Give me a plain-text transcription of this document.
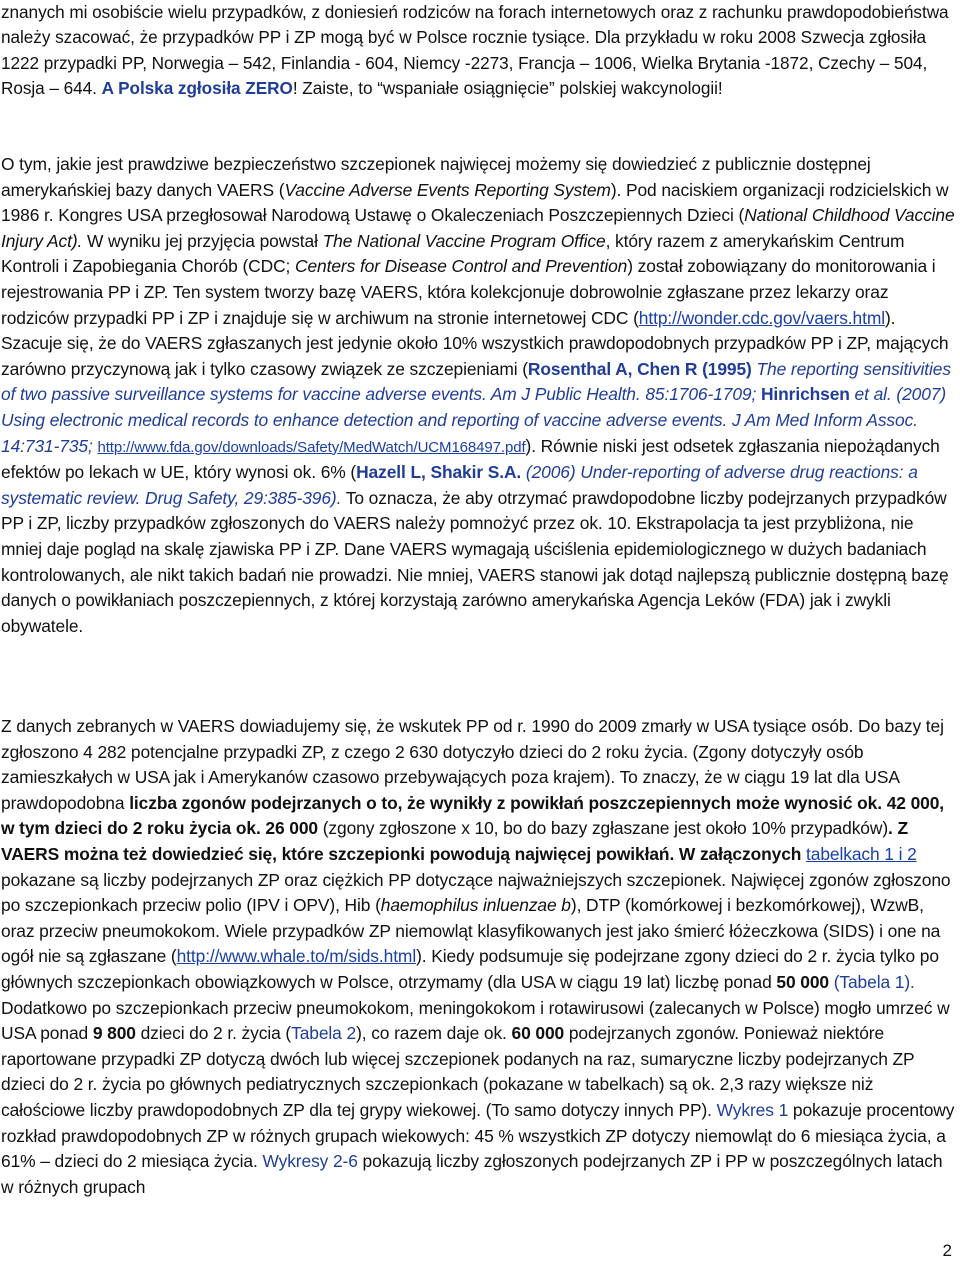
znanych mi osobiście wielu przypadków, z doniesień rodziców na forach internetowych oraz z rachunku prawdopodobieństwa należy szacować, że przypadków PP i ZP mogą być w Polsce rocznie tysiące. Dla przykładu w roku 2008 Szwecja zgłosiła 1222 przypadki PP, Norwegia – 542, Finlandia - 604, Niemcy -2273, Francja – 1006, Wielka Brytania -1872, Czechy – 504, Rosja – 644. A Polska zgłosiła ZERO! Zaiste, to “wspaniałe osiągnięcie” polskiej wakcynologii!

O tym, jakie jest prawdziwe bezpieczeństwo szczepionek najwięcej możemy się dowiedzieć z publicznie dostępnej amerykańskiej bazy danych VAERS (Vaccine Adverse Events Reporting System). Pod naciskiem organizacji rodzicielskich w 1986 r. Kongres USA przegłosował Narodową Ustawę o Okaleczeniach Poszczepiennych Dzieci (National Childhood Vaccine Injury Act). W wyniku jej przyjęcia powstał The National Vaccine Program Office, który razem z amerykańskim Centrum Kontroli i Zapobiegania Chorób (CDC; Centers for Disease Control and Prevention) został zobowiązany do monitorowania i rejestrowania PP i ZP. Ten system tworzy bazę VAERS, która kolekcjonuje dobrowolnie zgłaszane przez lekarzy oraz rodziców przypadki PP i ZP i znajduje się w archiwum na stronie internetowej CDC (http://wonder.cdc.gov/vaers.html). Szacuje się, że do VAERS zgłaszanych jest jedynie około 10% wszystkich prawdopodobnych przypadków PP i ZP, mających zarówno przyczynową jak i tylko czasowy związek ze szczepieniami (Rosenthal A, Chen R (1995) The reporting sensitivities of two passive surveillance systems for vaccine adverse events. Am J Public Health. 85:1706-1709; Hinrichsen et al. (2007) Using electronic medical records to enhance detection and reporting of vaccine adverse events. J Am Med Inform Assoc. 14:731-735; http://www.fda.gov/downloads/Safety/MedWatch/UCM168497.pdf). Równie niski jest odsetek zgłaszania niepożądanych efektów po lekach w UE, który wynosi ok. 6% (Hazell L, Shakir S.A. (2006) Under-reporting of adverse drug reactions: a systematic review. Drug Safety, 29:385-396). To oznacza, że aby otrzymać prawdopodobne liczby podejrzanych przypadków PP i ZP, liczby przypadków zgłoszonych do VAERS należy pomnożyć przez ok. 10. Ekstrapolacja ta jest przybliżona, nie mniej daje pogląd na skalę zjawiska PP i ZP. Dane VAERS wymagają uściślenia epidemiologicznego w dużych badaniach kontrolowanych, ale nikt takich badań nie prowadzi. Nie mniej, VAERS stanowi jak dotąd najlepszą publicznie dostępną bazę danych o powikłaniach poszczepiennych, z której korzystają zarówno amerykańska Agencja Leków (FDA) jak i zwykli obywatele.

Z danych zebranych w VAERS dowiadujemy się, że wskutek PP od r. 1990 do 2009 zmarły w USA tysiące osób. Do bazy tej zgłoszono 4 282 potencjalne przypadki ZP, z czego 2 630 dotyczyło dzieci do 2 roku życia. (Zgony dotyczyły osób zamieszkałych w USA jak i Amerykanów czasowo przebywających poza krajem). To znaczy, że w ciągu 19 lat dla USA prawdopodobna liczba zgonów podejrzanych o to, że wynikły z powikłań poszczepiennych może wynosić ok. 42 000, w tym dzieci do 2 roku życia ok. 26 000 (zgony zgłoszone x 10, bo do bazy zgłaszane jest około 10% przypadków). Z VAERS można też dowiedzieć się, które szczepionki powodują najwięcej powikłań. W załączonych tabelkach 1 i 2 pokazane są liczby podejrzanych ZP oraz ciężkich PP dotyczące najważniejszych szczepionek. Najwięcej zgonów zgłoszono po szczepionkach przeciw polio (IPV i OPV), Hib (haemophilus inluenzae b), DTP (komórkowej i bezkomórkowej), WzwB, oraz przeciw pneumokokom. Wiele przypadków ZP niemowląt klasyfikowanych jest jako śmierć łóżeczkowa (SIDS) i one na ogół nie są zgłaszane (http://www.whale.to/m/sids.html). Kiedy podsumuje się podejrzane zgony dzieci do 2 r. życia tylko po głównych szczepionkach obowiązkowych w Polsce, otrzymamy (dla USA w ciągu 19 lat) liczbę ponad 50 000 (Tabela 1). Dodatkowo po szczepionkach przeciw pneumokokom, meningokokom i rotawirusowi (zalecanych w Polsce) mogło umrzeć w USA ponad 9 800 dzieci do 2 r. życia (Tabela 2), co razem daje ok. 60 000 podejrzanych zgonów. Ponieważ niektóre raportowane przypadki ZP dotyczą dwóch lub więcej szczepionek podanych na raz, sumaryczne liczby podejrzanych ZP dzieci do 2 r. życia po głównych pediatrycznych szczepionkach (pokazane w tabelkach) są ok. 2,3 razy większe niż całościowe liczby prawdopodobnych ZP dla tej grypy wiekowej. (To samo dotyczy innych PP). Wykres 1 pokazuje procentowy rozkład prawdopodobnych ZP w różnych grupach wiekowych: 45 % wszystkich ZP dotyczy niemowląt do 6 miesiąca życia, a 61% – dzieci do 2 miesiąca życia. Wykresy 2-6 pokazują liczby zgłoszonych podejrzanych ZP i PP w poszczególnych latach w różnych grupach

2
